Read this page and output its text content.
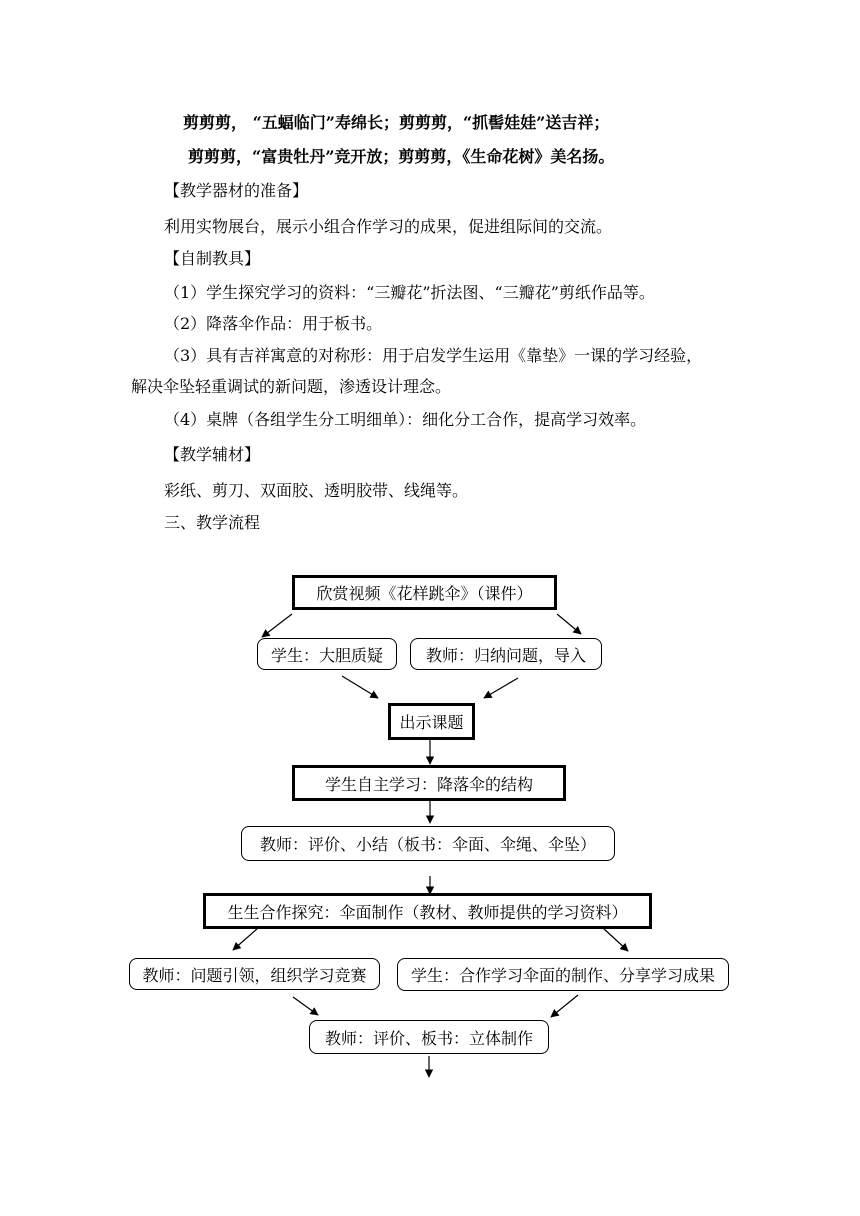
剪剪剪， “五蝠临门”寿绵长；剪剪剪，“抓髻娃娃”送吉祥；
剪剪剪，“富贵牡丹”竞开放；剪剪剪，《生命花树》美名扬。
【教学器材的准备】
利用实物展台，展示小组合作学习的成果，促进组际间的交流。
【自制教具】
（1）学生探究学习的资料：“三瓣花”折法图、“三瓣花”剪纸作品等。
（2）降落伞作品：用于板书。
（3）具有吉祥寓意的对称形：用于启发学生运用《靠垫》一课的学习经验，
解决伞坠轻重调试的新问题，渗透设计理念。
（4）桌牌（各组学生分工明细单）：细化分工合作，提高学习效率。
【教学辅材】
彩纸、剪刀、双面胶、透明胶带、线绳等。
三、教学流程
欣赏视频《花样跳伞》（课件）
学生：大胆质疑	教师：归纳问题，导入
出示课题
学生自主学习：降落伞的结构
教师：评价、小结（板书：伞面、伞绳、伞坠）
生生合作探究：伞面制作（教材、教师提供的学习资料）
教师：问题引领，组织学习竞赛	学生：合作学习伞面的制作、分享学习成果
教师：评价、板书：立体制作
